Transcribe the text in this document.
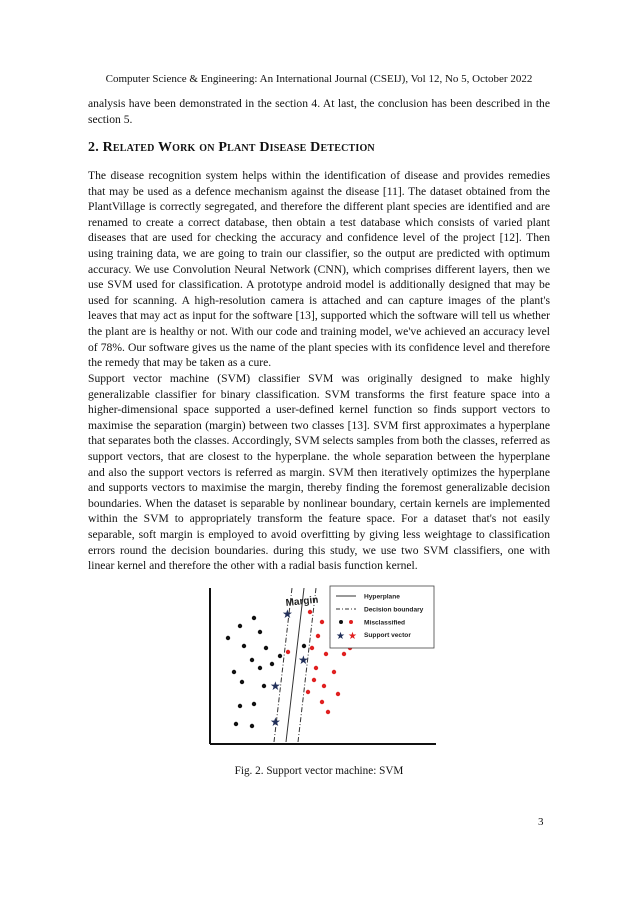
Computer Science & Engineering: An International Journal (CSEIJ), Vol 12, No 5, October 2022

analysis have been demonstrated in the section 4. At last, the conclusion has been described in the section 5.

2. Related Work on Plant Disease Detection

The disease recognition system helps within the identification of disease and provides remedies that may be used as a defence mechanism against the disease [11]. The dataset obtained from the PlantVillage is correctly segregated, and therefore the different plant species are identified and are renamed to create a correct database, then obtain a test database which consists of varied plant diseases that are used for checking the accuracy and confidence level of the project [12]. Then using training data, we are going to train our classifier, so the output are predicted with optimum accuracy. We use Convolution Neural Network (CNN), which comprises different layers, then we use SVM used for classification. A prototype android model is additionally designed that may be used for scanning. A high-resolution camera is attached and can capture images of the plant's leaves that may act as input for the software [13], supported which the software will tell us whether the plant are is healthy or not. With our code and training model, we've achieved an accuracy level of 78%. Our software gives us the name of the plant species with its confidence level and therefore the remedy that may be taken as a cure.

Support vector machine (SVM) classifier SVM was originally designed to make highly generalizable classifier for binary classification. SVM transforms the first feature space into a higher-dimensional space supported a user-defined kernel function so finds support vectors to maximise the separation (margin) between two classes [13]. SVM first approximates a hyperplane that separates both the classes. Accordingly, SVM selects samples from both the classes, referred as support vectors, that are closest to the hyperplane. the whole separation between the hyperplane and also the support vectors is referred as margin. SVM then iteratively optimizes the hyperplane and supports vectors to maximise the margin, thereby finding the foremost generalizable decision boundaries. When the dataset is separable by nonlinear boundary, certain kernels are implemented within the SVM to appropriately transform the feature space. For a dataset that's not easily separable, soft margin is employed to avoid overfitting by giving less weightage to classification errors round the decision boundaries. during this study, we use two SVM classifiers, one with linear kernel and therefore the other with a radial basis function kernel.

Margin
★
★
★
★
Hyperplane
Decision boundary
Misclassified
★ ★ Support vector
Fig. 2. Support vector machine: SVM
3
